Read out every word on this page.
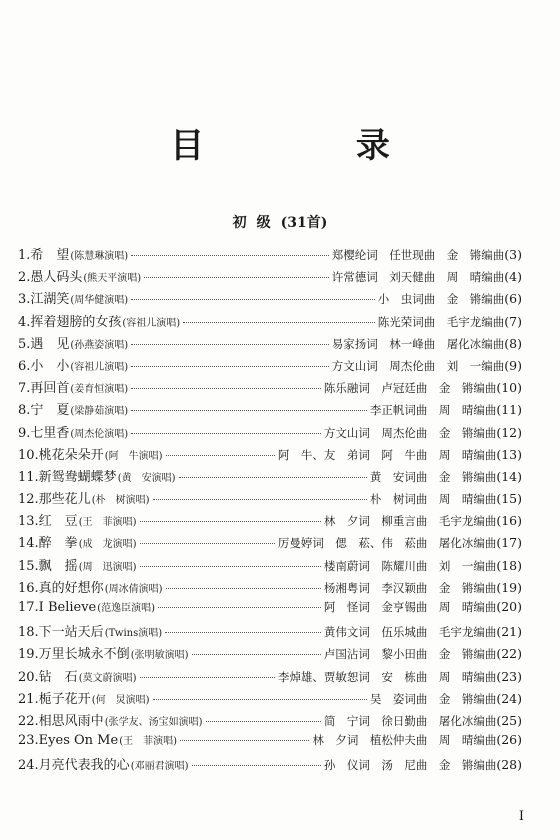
目 录
初级(31首)
1.希　望 (陈慧琳演唱)	郑樱纶词　任世现曲　金　锵编曲 (3)
2.愚人码头 (熊天平演唱)	许常德词　刘天健曲　周　晴编曲 (4)
3.江湖笑 (周华健演唱)	小　虫词曲　金　锵编曲 (6)
4.挥着翅膀的女孩 (容祖儿演唱)	陈光荣词曲　毛宇龙编曲 (7)
5.遇　见 (孙燕姿演唱)	易家扬词　林一峰曲　屠化冰编曲 (8)
6.小　小 (容祖儿演唱)	方文山词　周杰伦曲　刘　一编曲 (9)
7.再回首 (姜育恒演唱)	陈乐融词　卢冠廷曲　金　锵编曲 (10)
8.宁　夏 (梁静茹演唱)	李正帆词曲　周　晴编曲 (11)
9.七里香 (周杰伦演唱)	方文山词　周杰伦曲　金　锵编曲 (12)
10.桃花朵朵开 (阿　牛演唱)	阿　牛、友　弟词　阿　牛曲　周　晴编曲 (13)
11.新鸳鸯蝴蝶梦 (黄　安演唱)	黄　安词曲　金　锵编曲 (14)
12.那些花儿 (朴　树演唱)	朴　树词曲　周　晴编曲 (15)
13.红　豆 (王　菲演唱)	林　夕词　柳重言曲　毛宇龙编曲 (16)
14.醉　拳 (成　龙演唱)	厉曼婷词　偲　菘、伟　菘曲　屠化冰编曲 (17)
15.飘　摇 (周　迅演唱)	楼南蔚词　陈耀川曲　刘　一编曲 (18)
16.真的好想你 (周冰倩演唱)	杨湘粤词　李汉颖曲　金　锵编曲 (19)
17.I Believe (范逸臣演唱)	阿　怪词　金亨锡曲　周　晴编曲 (20)
18.下一站天后 (Twins演唱)	黄伟文词　伍乐城曲　毛宇龙编曲 (21)
19.万里长城永不倒 (张明敏演唱)	卢国沾词　黎小田曲　金　锵编曲 (22)
20.钻　石 (莫文蔚演唱)	李焯雄、贾敏恕词　安　栋曲　周　晴编曲 (23)
21.栀子花开 (何　炅演唱)	吴　姿词曲　金　锵编曲 (24)
22.相思风雨中 (张学友、汤宝如演唱)	简　宁词　徐日勤曲　屠化冰编曲 (25)
23.Eyes On Me (王　菲演唱)	林　夕词　植松仲夫曲　周　晴编曲 (26)
24.月亮代表我的心 (邓丽君演唱)	孙　仪词　汤　尼曲　金　锵编曲 (28)
I
